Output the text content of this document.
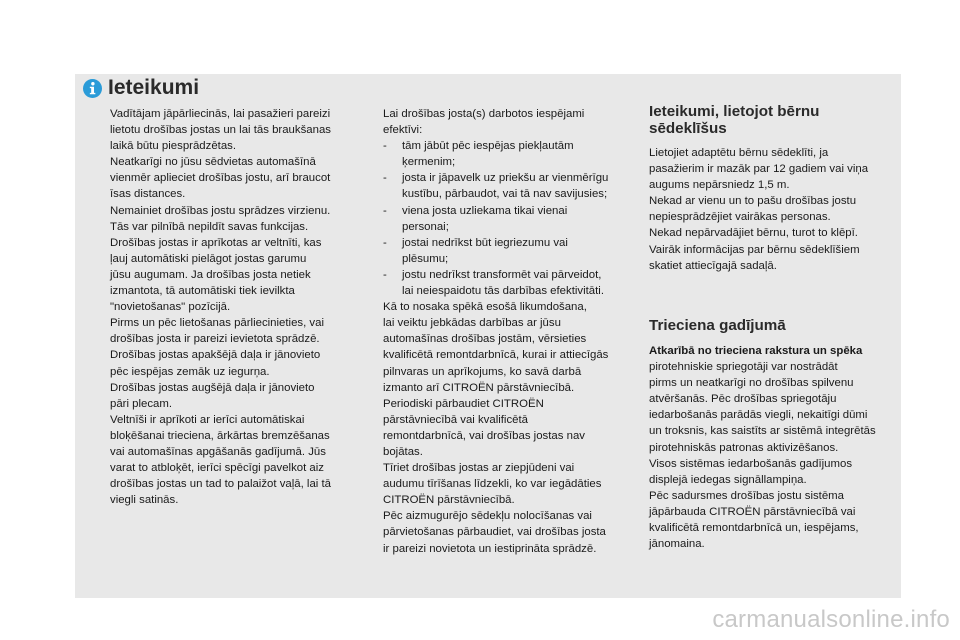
Ieteikumi
Vadītājam jāpārliecinās, lai pasažieri pareizi
lietotu drošības jostas un lai tās braukšanas
laikā būtu piesprādzētas.
Neatkarīgi no jūsu sēdvietas automašīnā
vienmēr aplieciet drošības jostu, arī braucot
īsas distances.
Nemainiet drošības jostu sprādzes virzienu.
Tās var pilnībā nepildīt savas funkcijas.
Drošības jostas ir aprīkotas ar veltnīti, kas
ļauj automātiski pielāgot jostas garumu
jūsu augumam. Ja drošības josta netiek
izmantota, tā automātiski tiek ievilkta
"novietošanas" pozīcijā.
Pirms un pēc lietošanas pārliecinieties, vai
drošības josta ir pareizi ievietota sprādzē.
Drošības jostas apakšējā daļa ir jānovieto
pēc iespējas zemāk uz iegurņa.
Drošības jostas augšējā daļa ir jānovieto
pāri plecam.
Veltnīši ir aprīkoti ar ierīci automātiskai
bloķēšanai trieciena, ārkārtas bremzēšanas
vai automašīnas apgāšanās gadījumā. Jūs
varat to atbloķēt, ierīci spēcīgi pavelkot aiz
drošības jostas un tad to palaižot vaļā, lai tā
viegli satinās.
Lai drošības josta(s) darbotos iespējami
efektīvi:
-	tām jābūt pēc iespējas piekļautām
ķermenim;
-	josta ir jāpavelk uz priekšu ar vienmērīgu
kustību, pārbaudot, vai tā nav savijusies;
-	viena josta uzliekama tikai vienai
personai;
-	jostai nedrīkst būt iegriezumu vai
plēsumu;
-	jostu nedrīkst transformēt vai pārveidot,
lai neiespaidotu tās darbības efektivitāti.
Kā to nosaka spēkā esošā likumdošana,
lai veiktu jebkādas darbības ar jūsu
automašīnas drošības jostām, vērsieties
kvalificētā remontdarbnīcā, kurai ir attiecīgās
pilnvaras un aprīkojums, ko savā darbā
izmanto arī CITROËN pārstāvniecībā.
Periodiski pārbaudiet CITROËN
pārstāvniecībā vai kvalificētā
remontdarbnīcā, vai drošības jostas nav
bojātas.
Tīriet drošības jostas ar ziepjūdeni vai
audumu tīrīšanas līdzekli, ko var iegādāties
CITROËN pārstāvniecībā.
Pēc aizmugurējo sēdekļu nolocīšanas vai
pārvietošanas pārbaudiet, vai drošības josta
ir pareizi novietota un iestiprināta sprādzē.
Ieteikumi, lietojot bērnu
sēdeklīšus
Lietojiet adaptētu bērnu sēdeklīti, ja
pasažierim ir mazāk par 12 gadiem vai viņa
augums nepārsniedz 1,5 m.
Nekad ar vienu un to pašu drošības jostu
nepiesprādzējiet vairākas personas.
Nekad nepārvadājiet bērnu, turot to klēpī.
Vairāk informācijas par bērnu sēdeklīšiem
skatiet attiecīgajā sadaļā.
Trieciena gadījumā
Atkarībā no trieciena rakstura un spēka
pirotehniskie spriegotāji var nostrādāt
pirms un neatkarīgi no drošības spilvenu
atvēršanās. Pēc drošības spriegotāju
iedarbošanās parādās viegli, nekaitīgi dūmi
un troksnis, kas saistīts ar sistēmā integrētās
pirotehniskās patronas aktivizēšanos.
Visos sistēmas iedarbošanās gadījumos
displejā iedegas signāllampiņa.
Pēc sadursmes drošības jostu sistēma
jāpārbauda CITROËN pārstāvniecībā vai
kvalificētā remontdarbnīcā un, iespējams,
jānomaina.
carmanualsonline.info
